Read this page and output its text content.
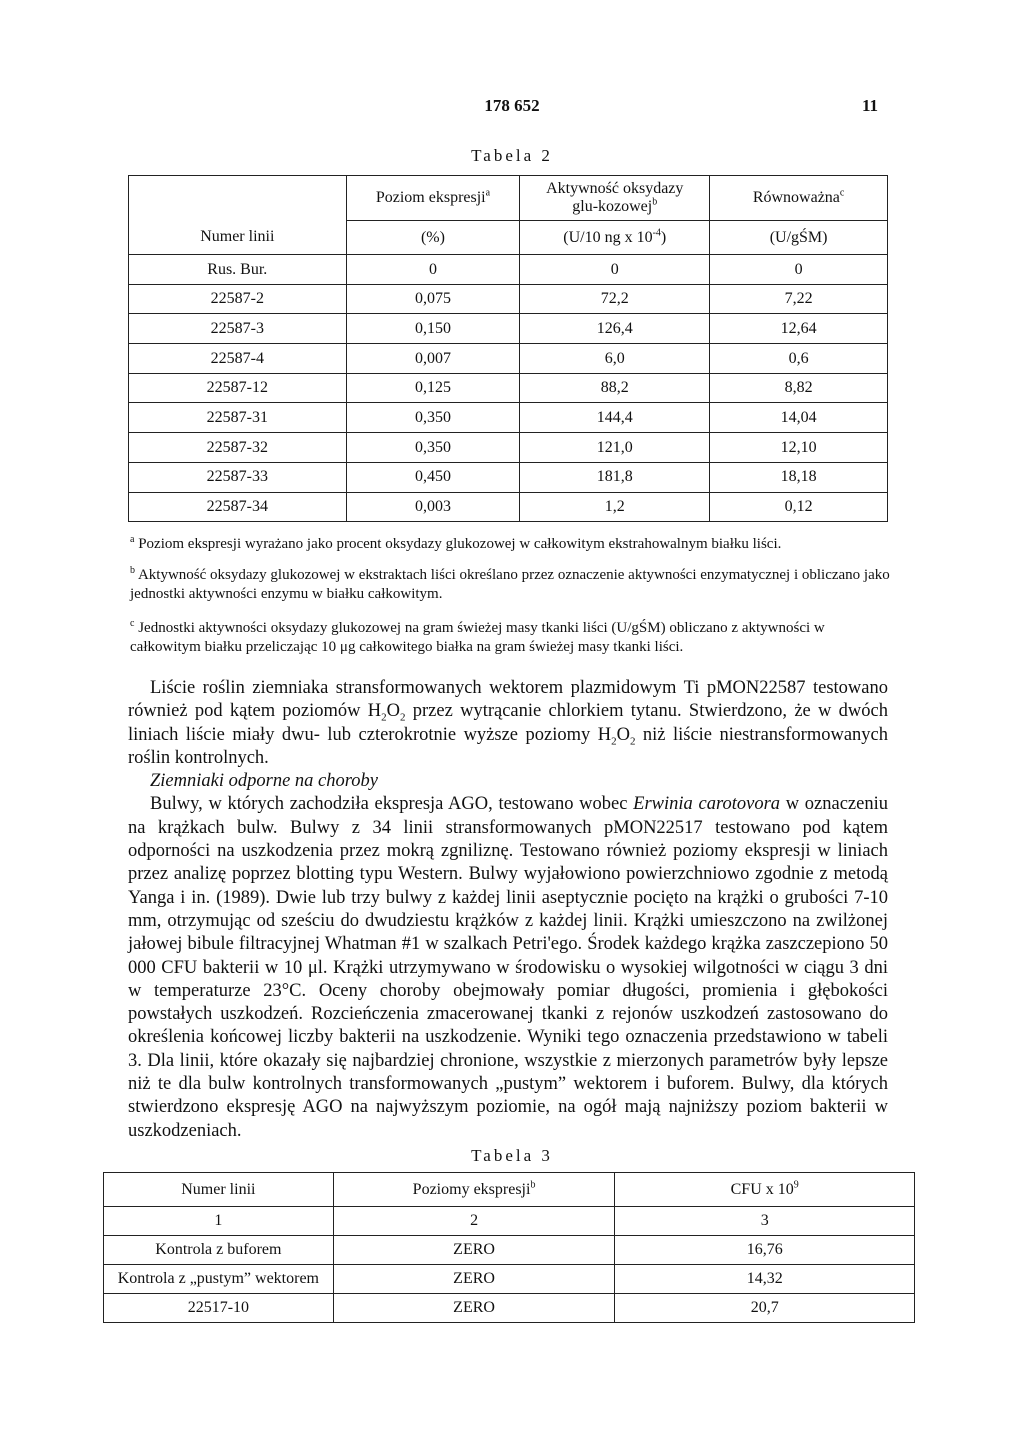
178 652	11
Tabela 2
	Poziom ekspresji$^a$	Aktywność oksydazy glu-kozowej$^b$	Równoważna$^c$
Numer linii	(%)	(U/10 ng x $10^{-4}$)	(U/gŚM)
Rus. Bur.	0	0	0
22587-2	0,075	72,2	7,22
22587-3	0,150	126,4	12,64
22587-4	0,007	6,0	0,6
22587-12	0,125	88,2	8,82
22587-31	0,350	144,4	14,04
22587-32	0,350	121,0	12,10
22587-33	0,450	181,8	18,18
22587-34	0,003	1,2	0,12
$^a$ Poziom ekspresji wyrażano jako procent oksydazy glukozowej w całkowitym ekstrahowalnym białku liści.
$^b$ Aktywność oksydazy glukozowej w ekstraktach liści określano przez oznaczenie aktywności enzymatycznej i obliczano jako jednostki aktywności enzymu w białku całkowitym.
$^c$ Jednostki aktywności oksydazy glukozowej na gram świeżej masy tkanki liści (U/gŚM) obliczano z aktywności w całkowitym białku przeliczając 10 μg całkowitego białka na gram świeżej masy tkanki liści.

Liście roślin ziemniaka stransformowanych wektorem plazmidowym Ti pMON22587 testowano również pod kątem poziomów $H_2O_2$ przez wytrącanie chlorkiem tytanu. Stwierdzono, że w dwóch liniach liście miały dwu- lub czterokrotnie wyższe poziomy $H_2O_2$ niż liście niestransformowanych roślin kontrolnych.

Ziemniaki odporne na choroby

Bulwy, w których zachodziła ekspresja AGO, testowano wobec Erwinia carotovora w oznaczeniu na krążkach bulw. Bulwy z 34 linii stransformowanych pMON22517 testowano pod kątem odporności na uszkodzenia przez mokrą zgniliznę. Testowano również poziomy ekspresji w liniach przez analizę poprzez blotting typu Western. Bulwy wyjałowiono powierzchniowo zgodnie z metodą Yanga i in. (1989). Dwie lub trzy bulwy z każdej linii aseptycznie pocięto na krążki o grubości 7-10 mm, otrzymując od sześciu do dwudziestu krążków z każdej linii. Krążki umieszczono na zwilżonej jałowej bibule filtracyjnej Whatman #1 w szalkach Petri'ego. Środek każdego krążka zaszczepiono 50 000 CFU bakterii w 10 μl. Krążki utrzymywano w środowisku o wysokiej wilgotności w ciągu 3 dni w temperaturze 23°C. Oceny choroby obejmowały pomiar długości, promienia i głębokości powstałych uszkodzeń. Rozcieńczenia zmacerowanej tkanki z rejonów uszkodzeń zastosowano do określenia końcowej liczby bakterii na uszkodzenie. Wyniki tego oznaczenia przedstawiono w tabeli 3. Dla linii, które okazały się najbardziej chronione, wszystkie z mierzonych parametrów były lepsze niż te dla bulw kontrolnych transformowanych „pustym” wektorem i buforem. Bulwy, dla których stwierdzono ekspresję AGO na najwyższym poziomie, na ogół mają najniższy poziom bakterii w uszkodzeniach.

Tabela 3
Numer linii	Poziomy ekspresji$^b$	CFU x $10^9$
1	2	3
Kontrola z buforem	ZERO	16,76
Kontrola z „pustym” wektorem	ZERO	14,32
22517-10	ZERO	20,7
